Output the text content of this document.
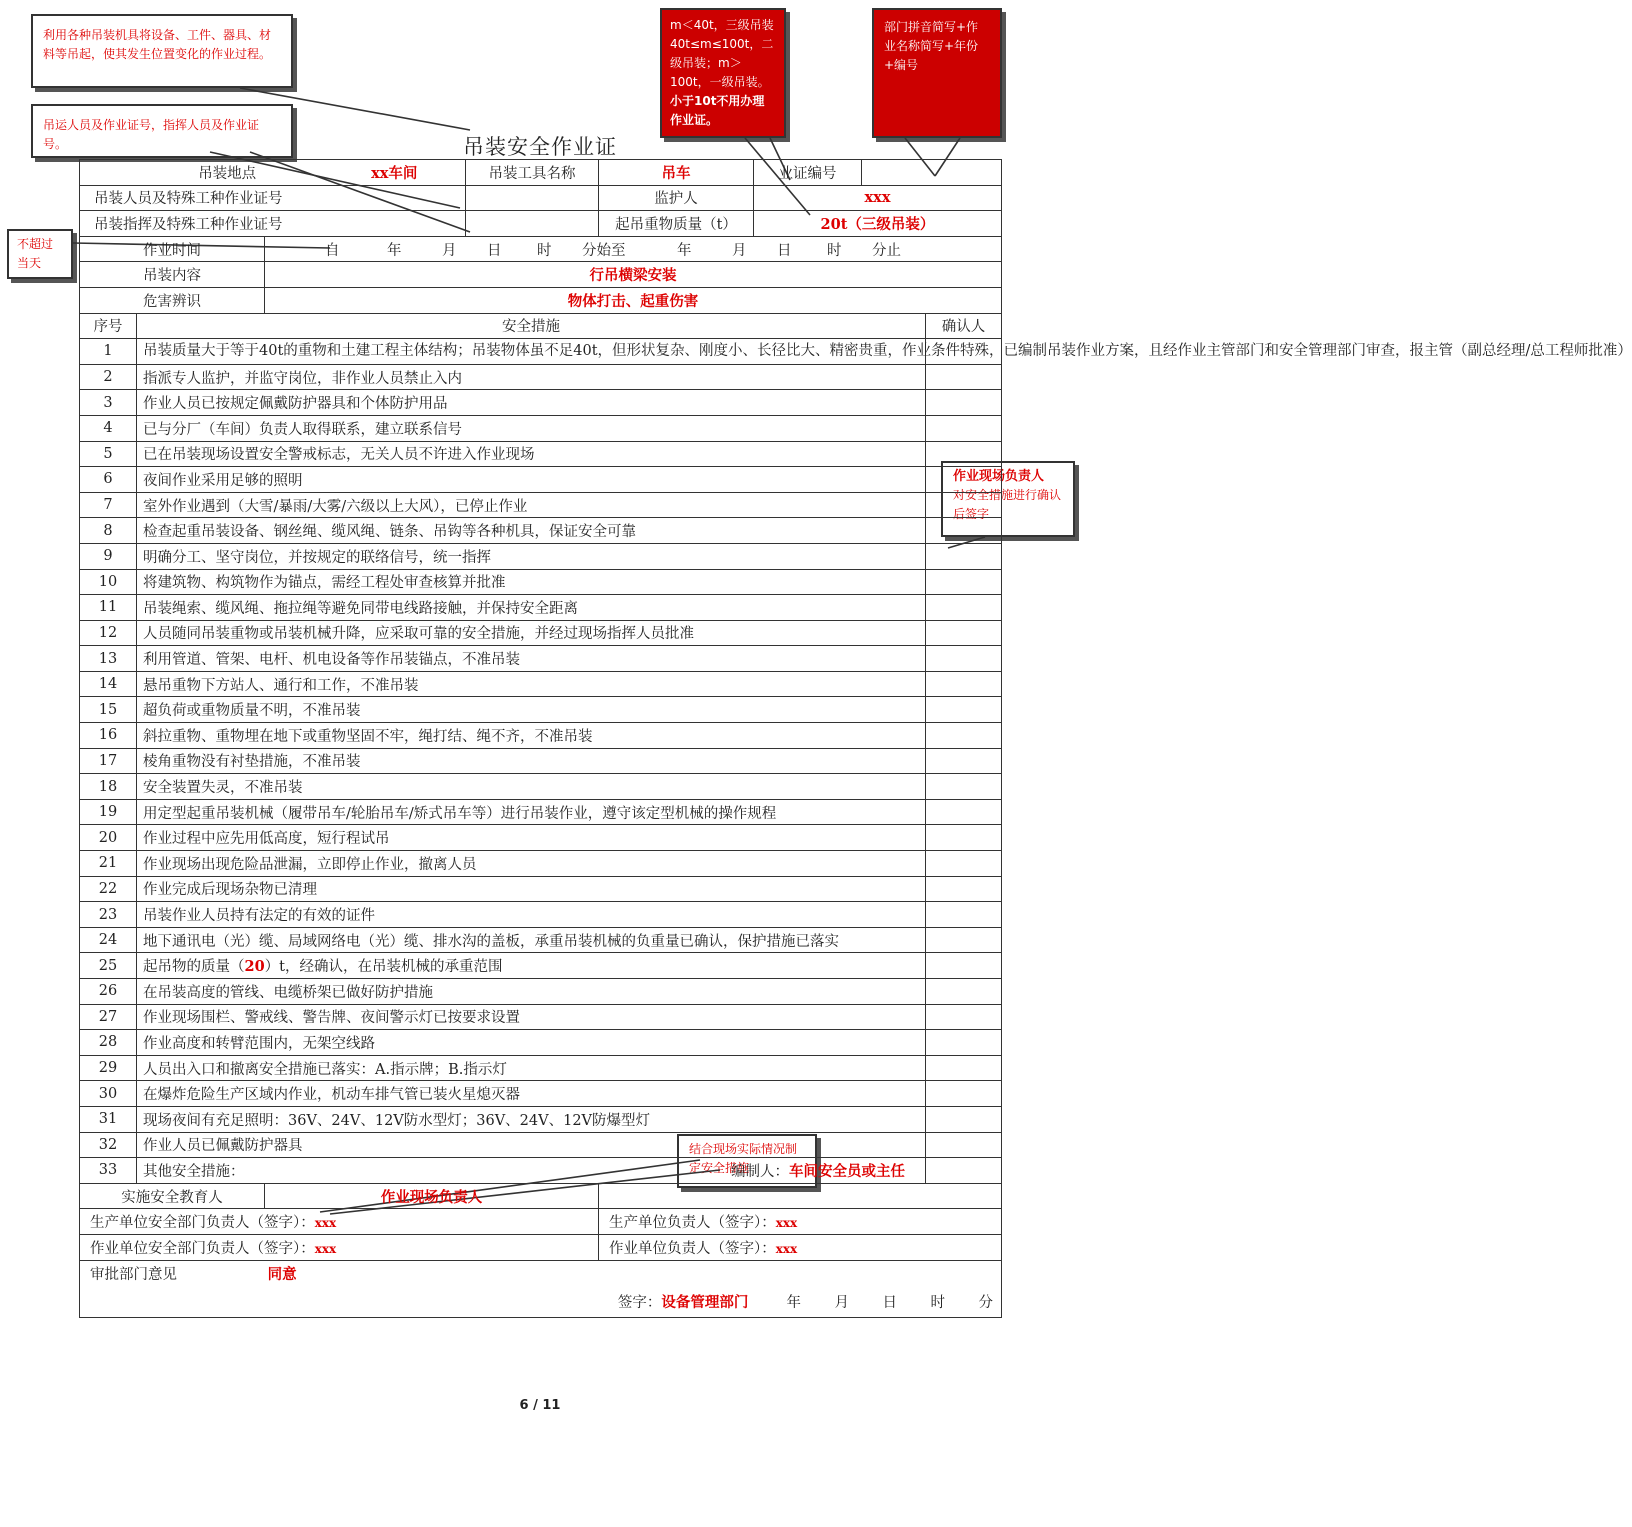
利用各种吊装机具将设备、工件、器具、材料等吊起，使其发生位置变化的作业过程。
吊运人员及作业证号，指挥人员及作业证号。
m＜40t，三级吊装40t≤m≤100t，二级吊装；m＞100t，一级吊装。
小于10t不用办理作业证。
部门拼音简写+作业名称简写+年份+编号
不超过当天
作业现场负责人
对安全措施进行确认后签字
结合现场实际情况制定安全措施
吊装安全作业证
吊装地点 xx车间			吊装工具名称	吊车	业证编号		
吊装人员及特殊工种作业证号				监护人	xxx		
吊装指挥及特殊工种作业证号				起吊重物质量（t）	20t（三级吊装）		
作业时间		自 年 月 日 时 分始至 年 月 日 时 分止					
吊装内容		行吊横梁安装					
危害辨识		物体打击、起重伤害					
序号	安全措施						确认人
1	吊装质量大于等于40t的重物和土建工程主体结构；吊装物体虽不足40t，但形状复杂、刚度小、长径比大、精密贵重，作业条件特殊，已编制吊装作业方案，且经作业主管部门和安全管理部门审查，报主管（副总经理/总工程师批准）						
2	指派专人监护，并监守岗位，非作业人员禁止入内						
3	作业人员已按规定佩戴防护器具和个体防护用品						
4	已与分厂（车间）负责人取得联系，建立联系信号						
5	已在吊装现场设置安全警戒标志，无关人员不许进入作业现场						
6	夜间作业采用足够的照明						
7	室外作业遇到（大雪/暴雨/大雾/六级以上大风），已停止作业						
8	检查起重吊装设备、钢丝绳、缆风绳、链条、吊钩等各种机具，保证安全可靠						
9	明确分工、坚守岗位，并按规定的联络信号，统一指挥						
10	将建筑物、构筑物作为锚点，需经工程处审查核算并批准						
11	吊装绳索、缆风绳、拖拉绳等避免同带电线路接触，并保持安全距离						
12	人员随同吊装重物或吊装机械升降，应采取可靠的安全措施，并经过现场指挥人员批准						
13	利用管道、管架、电杆、机电设备等作吊装锚点，不准吊装						
14	悬吊重物下方站人、通行和工作，不准吊装						
15	超负荷或重物质量不明，不准吊装						
16	斜拉重物、重物埋在地下或重物坚固不牢，绳打结、绳不齐，不准吊装						
17	棱角重物没有衬垫措施，不准吊装						
18	安全装置失灵，不准吊装						
19	用定型起重吊装机械（履带吊车/轮胎吊车/矫式吊车等）进行吊装作业，遵守该定型机械的操作规程						
20	作业过程中应先用低高度，短行程试吊						
21	作业现场出现危险品泄漏，立即停止作业，撤离人员						
22	作业完成后现场杂物已清理						
23	吊装作业人员持有法定的有效的证件						
24	地下通讯电（光）缆、局域网络电（光）缆、排水沟的盖板，承重吊装机械的负重量已确认，保护措施已落实						
25	起吊物的质量（20）t，经确认，在吊装机械的承重范围						
26	在吊装高度的管线、电缆桥架已做好防护措施						
27	作业现场围栏、警戒线、警告牌、夜间警示灯已按要求设置						
28	作业高度和转臂范围内，无架空线路						
29	人员出入口和撤离安全措施已落实：A.指示牌；B.指示灯						
30	在爆炸危险生产区域内作业，机动车排气管已装火星熄灭器						
31	现场夜间有充足照明：36V、24V、12V防水型灯；36V、24V、12V防爆型灯						
32	作业人员已佩戴防护器具						
33	其他安全措施： 编制人：车间安全员或主任						

实施安全教育人		作业现场负责人					
生产单位安全部门负责人（签字）：xxx				生产单位负责人（签字）：xxx			
作业单位安全部门负责人（签字）：xxx				作业单位负责人（签字）：xxx			
审批部门意见 同意
签字：设备管理部门 年 月 日 时 分							
6 / 11
